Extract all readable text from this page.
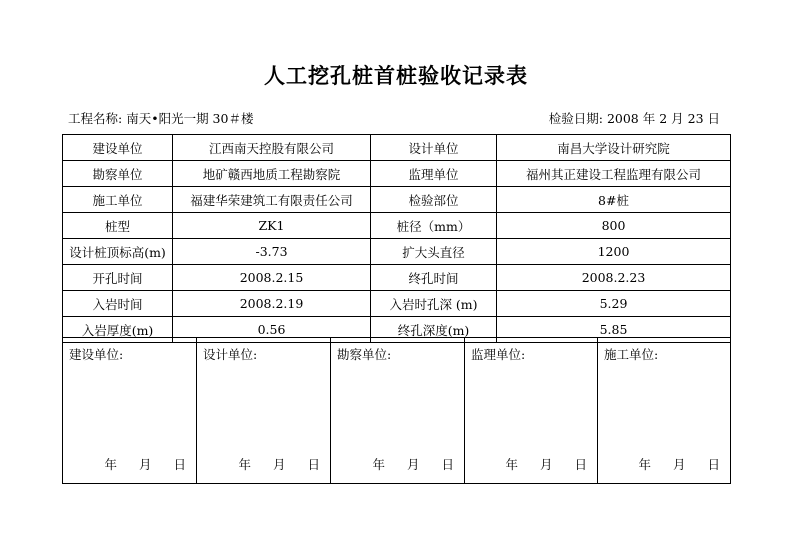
人工挖孔桩首桩验收记录表
工程名称: 南天•阳光一期 30＃楼	检验日期: 2008 年 2 月 23 日
建设单位	江西南天控股有限公司	设计单位	南昌大学设计研究院
勘察单位	地矿赣西地质工程勘察院	监理单位	福州其正建设工程监理有限公司
施工单位	福建华荣建筑工有限责任公司	检验部位	8#桩
桩型	ZK1	桩径（mm）	800
设计桩顶标高(m)	-3.73	扩大头直径	1200
开孔时间	2008.2.15	终孔时间	2008.2.23
入岩时间	2008.2.19	入岩时孔深 (m)	5.29
入岩厚度(m)	0.56	终孔深度(m)	5.85
建设单位:
年 月 日

设计单位:
年 月 日

勘察单位:
年 月 日

监理单位:
年 月 日

施工单位:
年 月 日
